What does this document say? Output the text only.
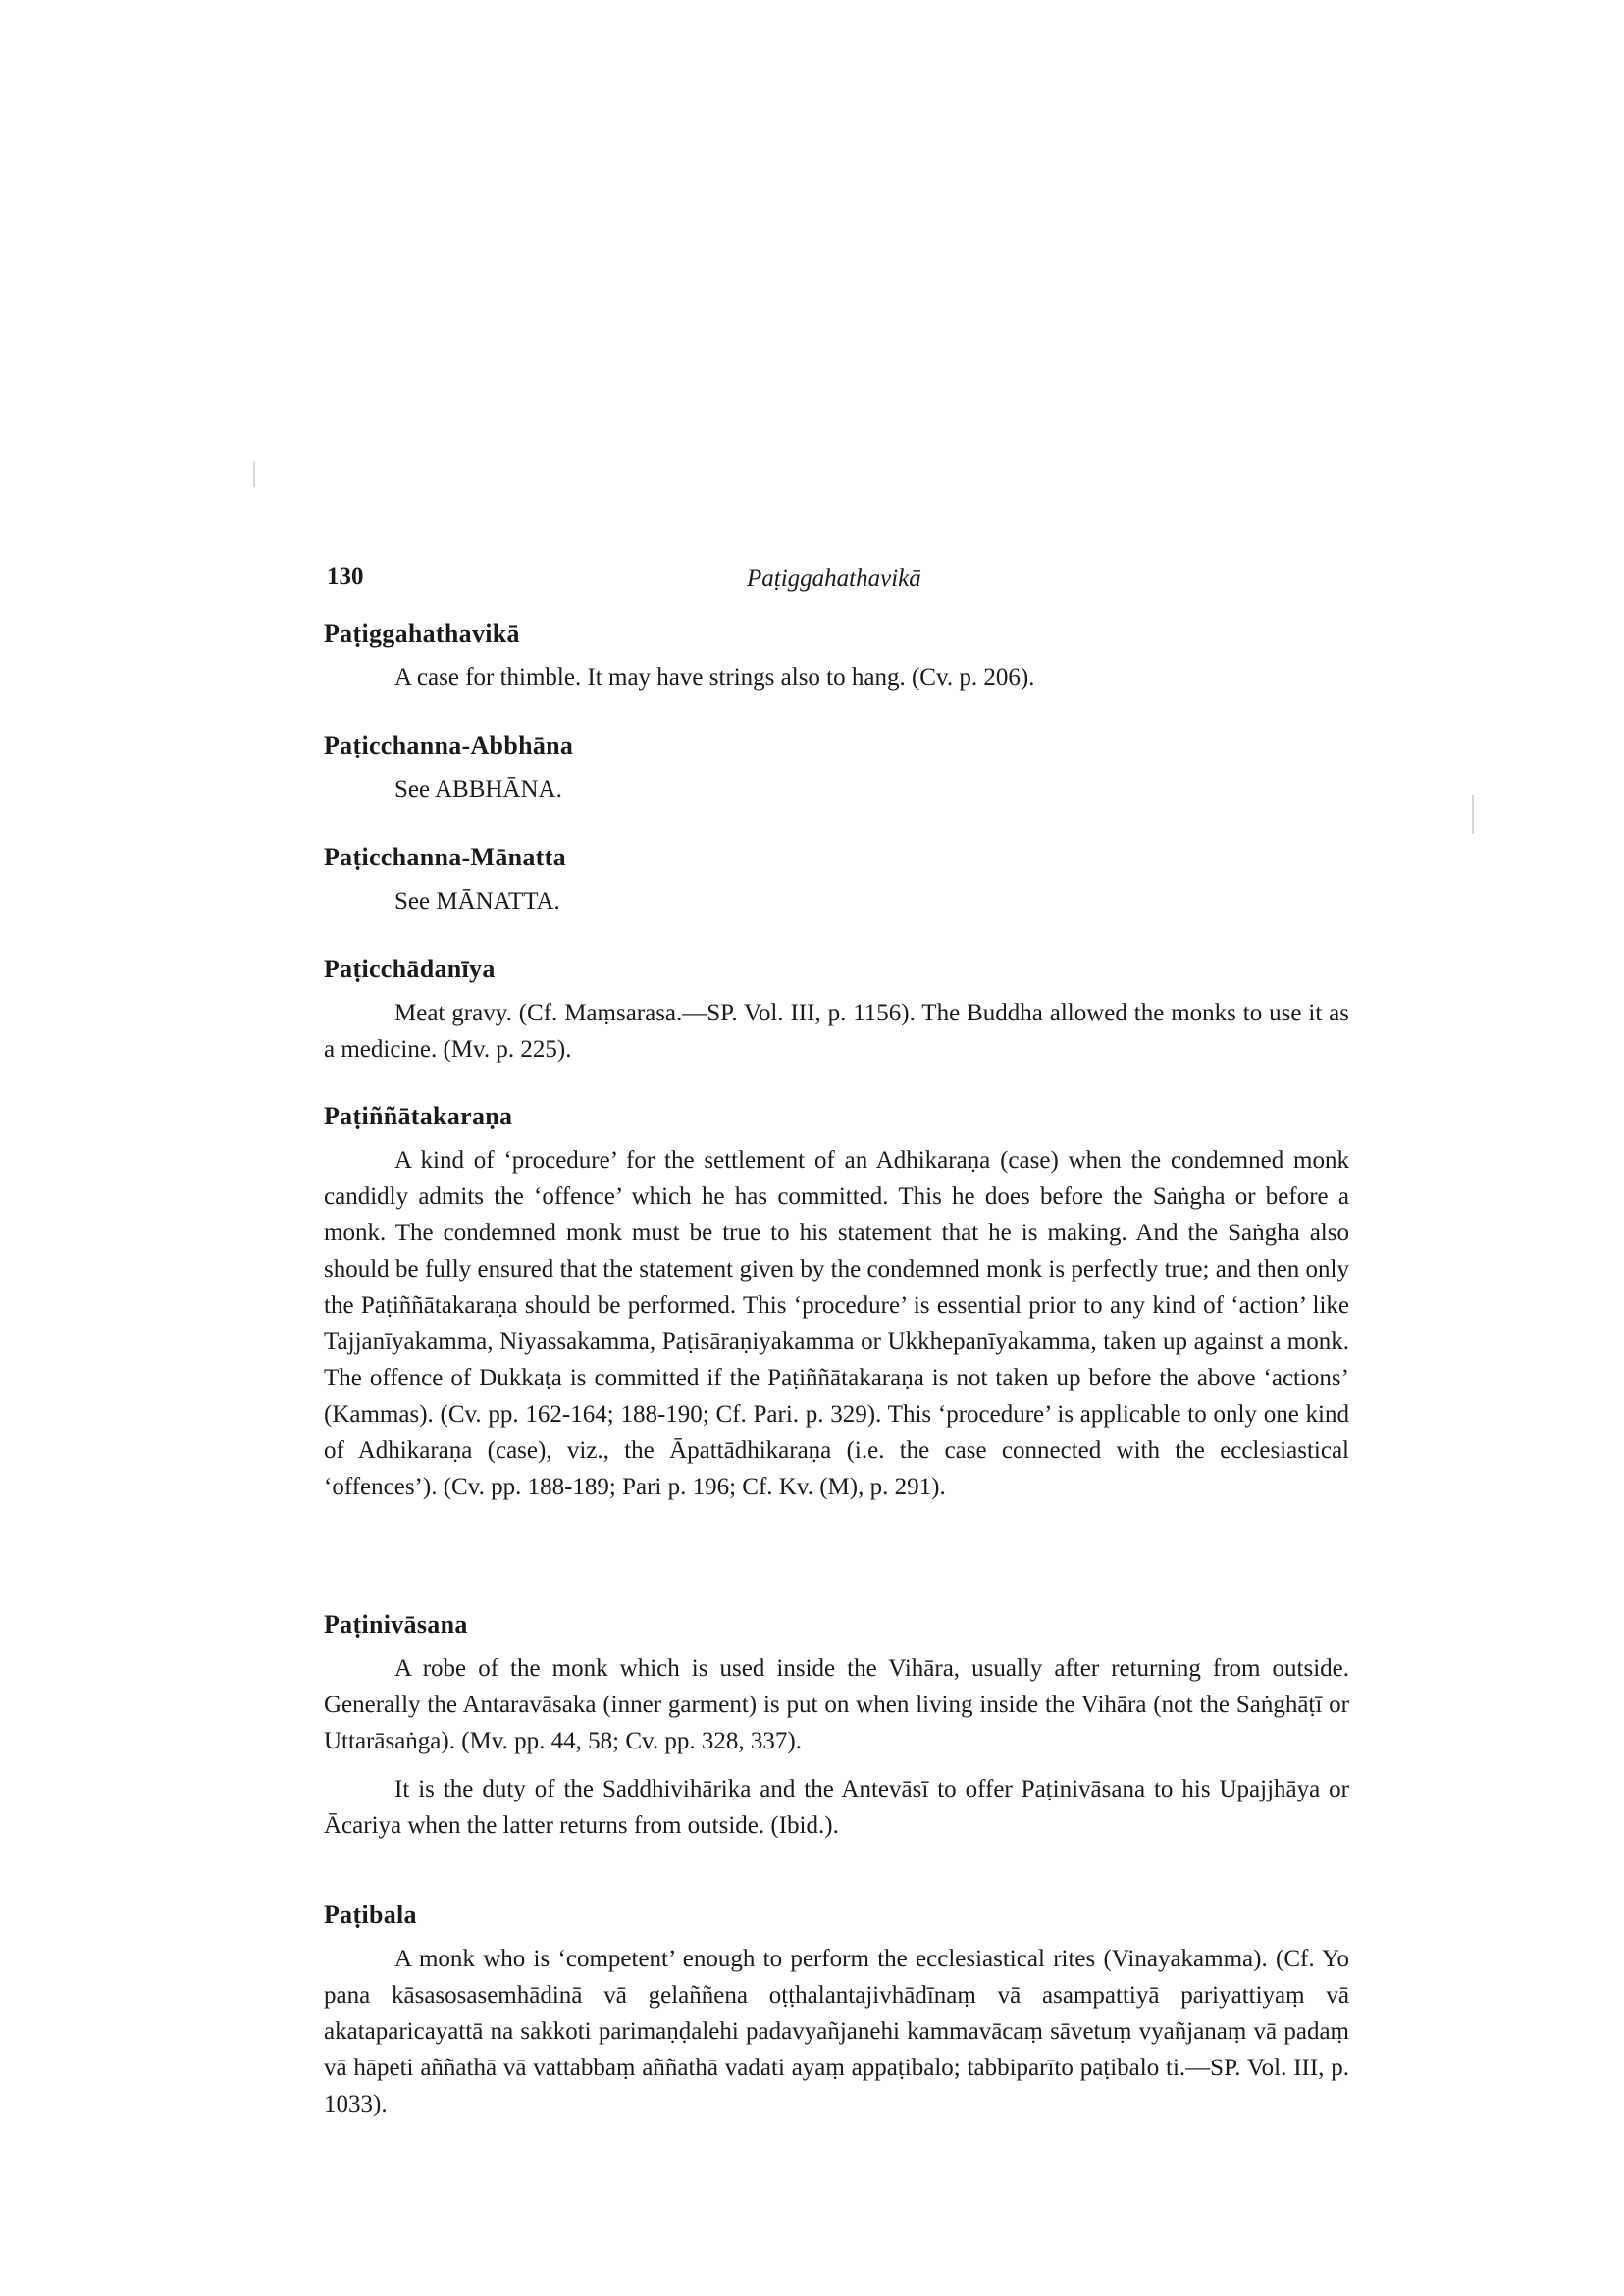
130	Paṭiggahathavikā
Paṭiggahathavikā

A case for thimble. It may have strings also to hang. (Cv. p. 206).

Paṭicchanna-Abbhāna

See ABBHĀNA.

Paṭicchanna-Mānatta

See MĀNATTA.

Paṭicchādanīya

Meat gravy. (Cf. Maṃsarasa.—SP. Vol. III, p. 1156). The Buddha allowed the monks to use it as a medicine. (Mv. p. 225).

Paṭiññātakaraṇa

A kind of ‘procedure’ for the settlement of an Adhikaraṇa (case) when the condemned monk candidly admits the ‘offence’ which he has committed. This he does before the Saṅgha or before a monk. The condemned monk must be true to his statement that he is making. And the Saṅgha also should be fully ensured that the statement given by the condemned monk is perfectly true; and then only the Paṭiññātakaraṇa should be performed. This ‘procedure’ is essential prior to any kind of ‘action’ like Tajjanīyakamma, Niyassakamma, Paṭisāraṇiyakamma or Ukkhepanīyakamma, taken up against a monk. The offence of Dukkaṭa is committed if the Paṭiññātakaraṇa is not taken up before the above ‘actions’ (Kammas). (Cv. pp. 162-164; 188-190; Cf. Pari. p. 329). This ‘procedure’ is applicable to only one kind of Adhikaraṇa (case), viz., the Āpattādhikaraṇa (i.e. the case connected with the ecclesiastical ‘offences’). (Cv. pp. 188-189; Pari p. 196; Cf. Kv. (M), p. 291).

Paṭinivāsana

A robe of the monk which is used inside the Vihāra, usually after returning from outside. Generally the Antaravāsaka (inner garment) is put on when living inside the Vihāra (not the Saṅghāṭī or Uttarāsaṅga). (Mv. pp. 44, 58; Cv. pp. 328, 337).

It is the duty of the Saddhivihārika and the Antevāsī to offer Paṭinivāsana to his Upajjhāya or Ācariya when the latter returns from outside. (Ibid.).

Paṭibala

A monk who is ‘competent’ enough to perform the ecclesiastical rites (Vinayakamma). (Cf. Yo pana kāsasosasemhādinā vā gelaññena oṭṭhalantajivhādīnaṃ vā asampattiyā pariyattiyaṃ vā akataparicayattā na sakkoti parimaṇḍalehi padavyañjanehi kammavācaṃ sāvetuṃ vyañjanaṃ vā padaṃ vā hāpeti aññathā vā vattabbaṃ aññathā vadati ayaṃ appaṭibalo; tabbiparīto paṭibalo ti.—SP. Vol. III, p. 1033).
